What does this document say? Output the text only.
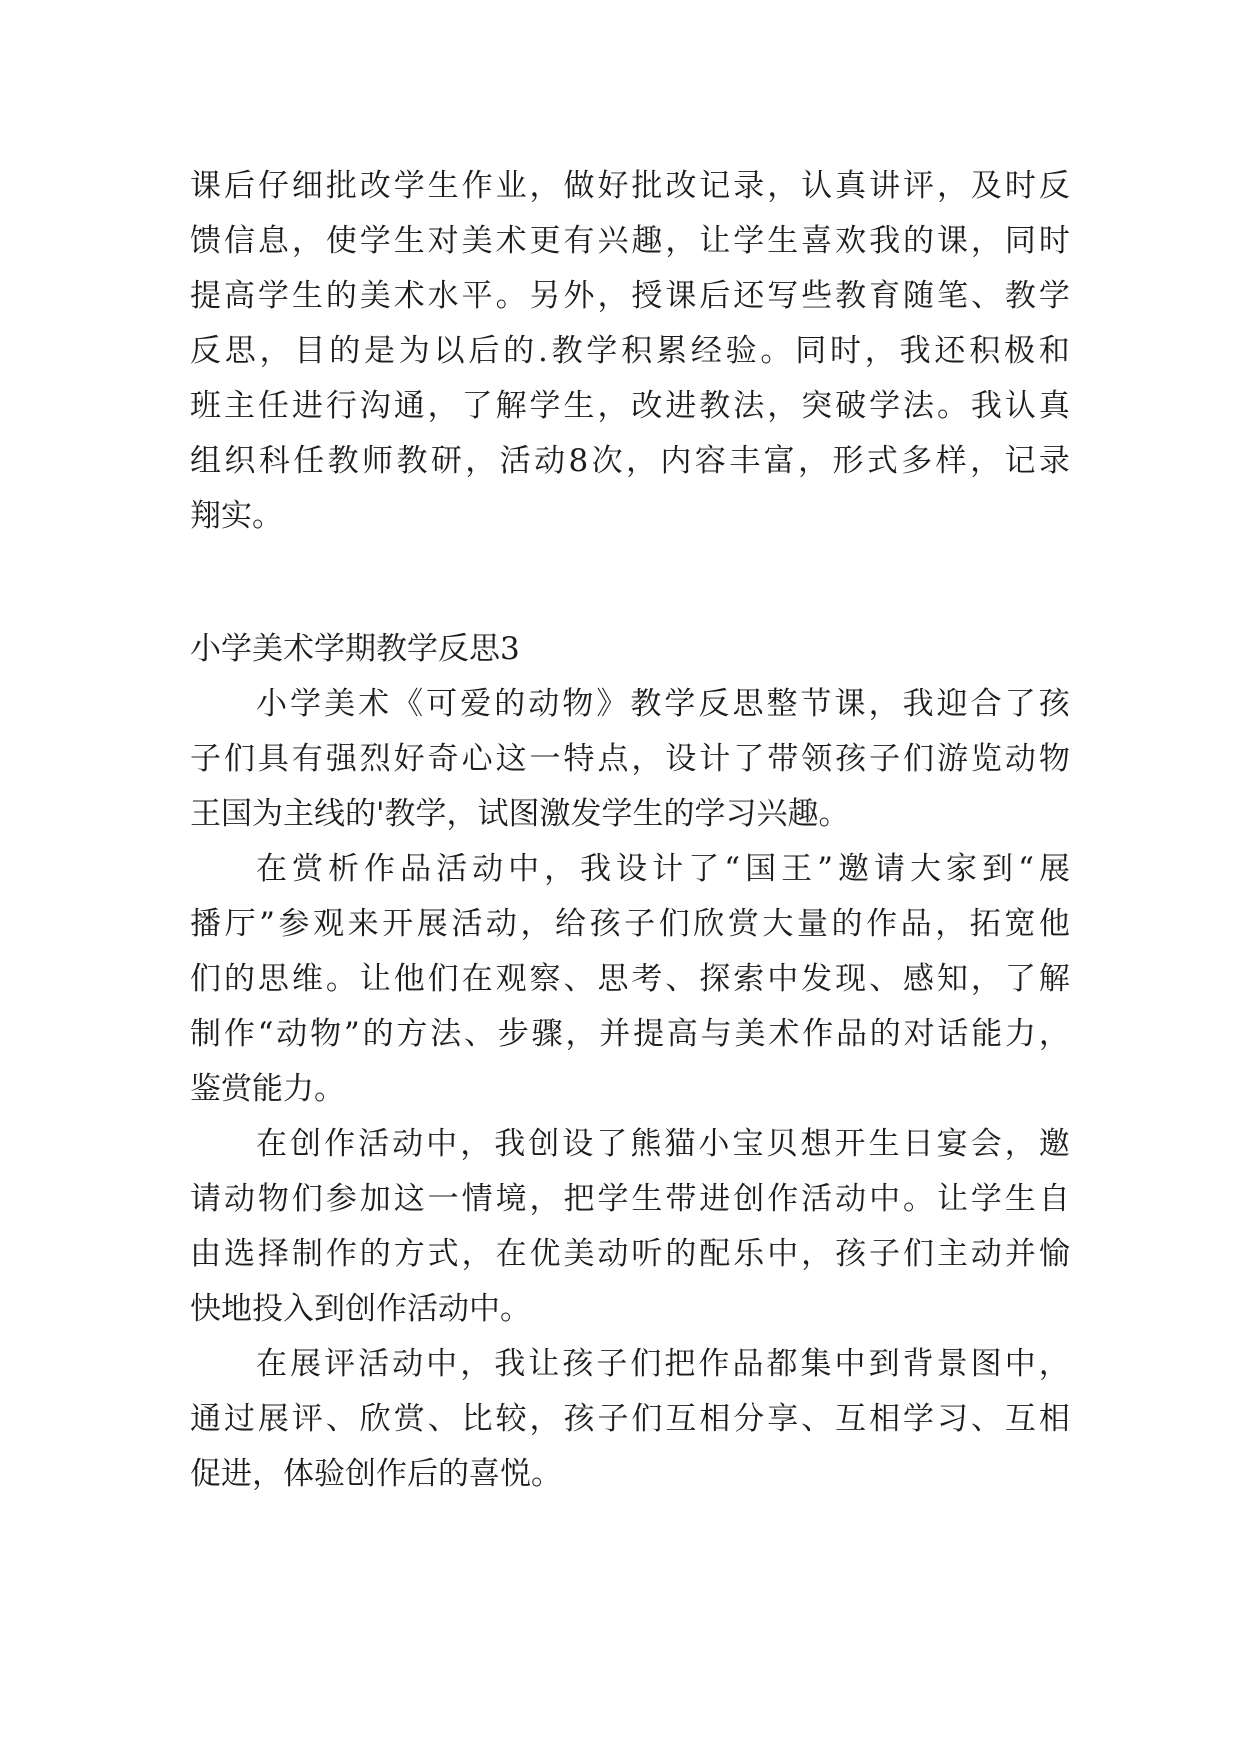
课 后 仔 细 批 改 学 生 作 业 ， 做 好 批 改 记 录 ， 认 真 讲 评 ， 及 时 反
馈 信 息 ， 使 学 生 对 美 术 更 有 兴 趣 ， 让 学 生 喜 欢 我 的 课 ， 同 时
提 高 学 生 的 美 术 水 平 。 另 外 ， 授 课 后 还 写 些 教 育 随 笔 、 教 学
反 思 ， 目 的 是 为 以 后 的 . 教 学 积 累 经 验 。 同 时 ， 我 还 积 极 和
班 主 任 进 行 沟 通 ， 了 解 学 生 ， 改 进 教 法 ， 突 破 学 法 。 我 认 真
组 织 科 任 教 师 教 研 ， 活 动 8 次 ， 内 容 丰 富 ， 形 式 多 样 ， 记 录
翔实。
小学美术学期教学反思3
小 学 美 术 《 可 爱 的 动 物 》 教 学 反 思 整 节 课 ， 我 迎 合 了 孩
子 们 具 有 强 烈 好 奇 心 这 一 特 点 ， 设 计 了 带 领 孩 子 们 游 览 动 物
王国为主线的'教学，试图激发学生的学习兴趣。
在 赏 析 作 品 活 动 中 ， 我 设 计 了 “ 国 王 ” 邀 请 大 家 到 “ 展
播 厅 ” 参 观 来 开 展 活 动 ， 给 孩 子 们 欣 赏 大 量 的 作 品 ， 拓 宽 他
们 的 思 维 。 让 他 们 在 观 察 、 思 考 、 探 索 中 发 现 、 感 知 ， 了 解
制 作 “ 动 物 ” 的 方 法 、 步 骤 ， 并 提 高 与 美 术 作 品 的 对 话 能 力 ，
鉴赏能力。
在 创 作 活 动 中 ， 我 创 设 了 熊 猫 小 宝 贝 想 开 生 日 宴 会 ， 邀
请 动 物 们 参 加 这 一 情 境 ， 把 学 生 带 进 创 作 活 动 中 。 让 学 生 自
由 选 择 制 作 的 方 式 ， 在 优 美 动 听 的 配 乐 中 ， 孩 子 们 主 动 并 愉
快地投入到创作活动中。
在 展 评 活 动 中 ， 我 让 孩 子 们 把 作 品 都 集 中 到 背 景 图 中 ，
通 过 展 评 、 欣 赏 、 比 较 ， 孩 子 们 互 相 分 享 、 互 相 学 习 、 互 相
促进，体验创作后的喜悦。
